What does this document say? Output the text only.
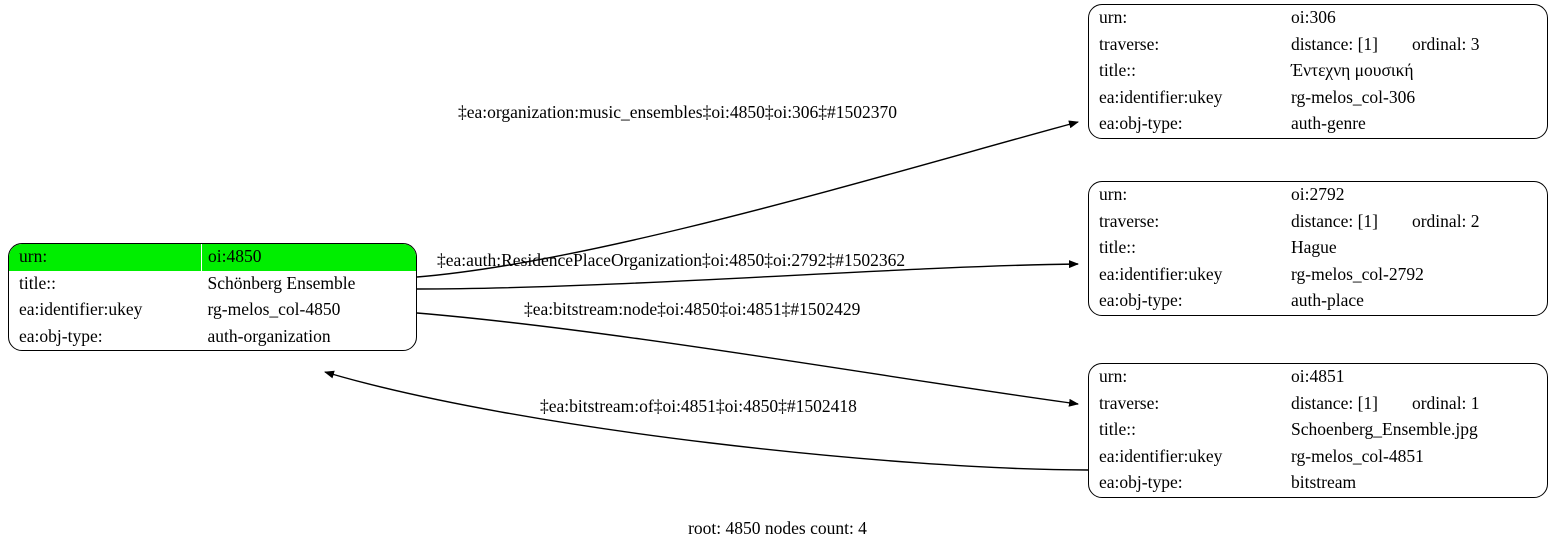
urn:	oi:4850
title::	Schönberg Ensemble
ea:identifier:ukey	rg-melos_col-4850
ea:obj-type:	auth-organization
urn:	oi:306
traverse:	distance: [1] ordinal: 3
title::	Έντεχνη μουσική
ea:identifier:ukey	rg-melos_col-306
ea:obj-type:	auth-genre
urn:	oi:2792
traverse:	distance: [1] ordinal: 2
title::	Hague
ea:identifier:ukey	rg-melos_col-2792
ea:obj-type:	auth-place
urn:	oi:4851
traverse:	distance: [1] ordinal: 1
title::	Schoenberg_Ensemble.jpg
ea:identifier:ukey	rg-melos_col-4851
ea:obj-type:	bitstream
‡ea:organization:music_ensembles‡oi:4850‡oi:306‡#1502370
‡ea:auth:ResidencePlaceOrganization‡oi:4850‡oi:2792‡#1502362
‡ea:bitstream:node‡oi:4850‡oi:4851‡#1502429
‡ea:bitstream:of‡oi:4851‡oi:4850‡#1502418
root: 4850 nodes count: 4
